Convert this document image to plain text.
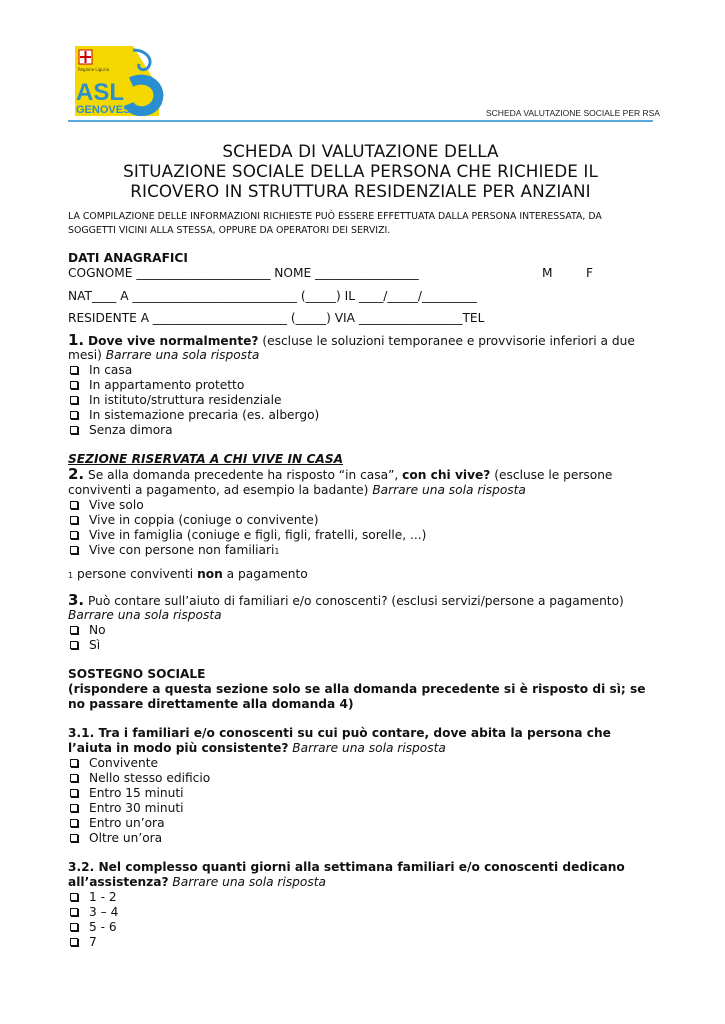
Regione Liguria
ASL
GENOVESE	3	SCHEDA VALUTAZIONE SOCIALE PER RSA
SCHEDA DI VALUTAZIONE DELLA
SITUAZIONE SOCIALE DELLA PERSONA CHE RICHIEDE IL
RICOVERO IN STRUTTURA RESIDENZIALE PER ANZIANI
LA COMPILAZIONE DELLE INFORMAZIONI RICHIESTE PUÒ ESSERE EFFETTUATA DALLA PERSONA INTERESSATA, DA
SOGGETTI VICINI ALLA STESSA, OPPURE DA OPERATORI DEI SERVIZI.
DATI ANAGRAFICI
COGNOME ______________________ NOME _________________	M	F
NAT____ A ___________________________ (_____) IL ____/_____/_________
RESIDENTE A ______________________ (_____) VIA _________________TEL
1. Dove vive normalmente? (escluse le soluzioni temporanee e provvisorie inferiori a due
mesi) Barrare una sola risposta
In casa
In appartamento protetto
In istituto/struttura residenziale
In sistemazione precaria (es. albergo)
Senza dimora
SEZIONE RISERVATA A CHI VIVE IN CASA
2. Se alla domanda precedente ha risposto “in casa”, con chi vive? (escluse le persone
conviventi a pagamento, ad esempio la badante) Barrare una sola risposta
Vive solo
Vive in coppia (coniuge o convivente)
Vive in famiglia (coniuge e figli, figli, fratelli, sorelle, ...)
Vive con persone non familiari1
1 persone conviventi non a pagamento
3. Può contare sull’aiuto di familiari e/o conoscenti? (esclusi servizi/persone a pagamento)
Barrare una sola risposta
No
Sì
SOSTEGNO SOCIALE
(rispondere a questa sezione solo se alla domanda precedente si è risposto di sì; se
no passare direttamente alla domanda 4)
3.1. Tra i familiari e/o conoscenti su cui può contare, dove abita la persona che
l’aiuta in modo più consistente? Barrare una sola risposta
Convivente
Nello stesso edificio
Entro 15 minuti
Entro 30 minuti
Entro un’ora
Oltre un’ora
3.2. Nel complesso quanti giorni alla settimana familiari e/o conoscenti dedicano
all’assistenza? Barrare una sola risposta
1 - 2
3 – 4
5 - 6
7
